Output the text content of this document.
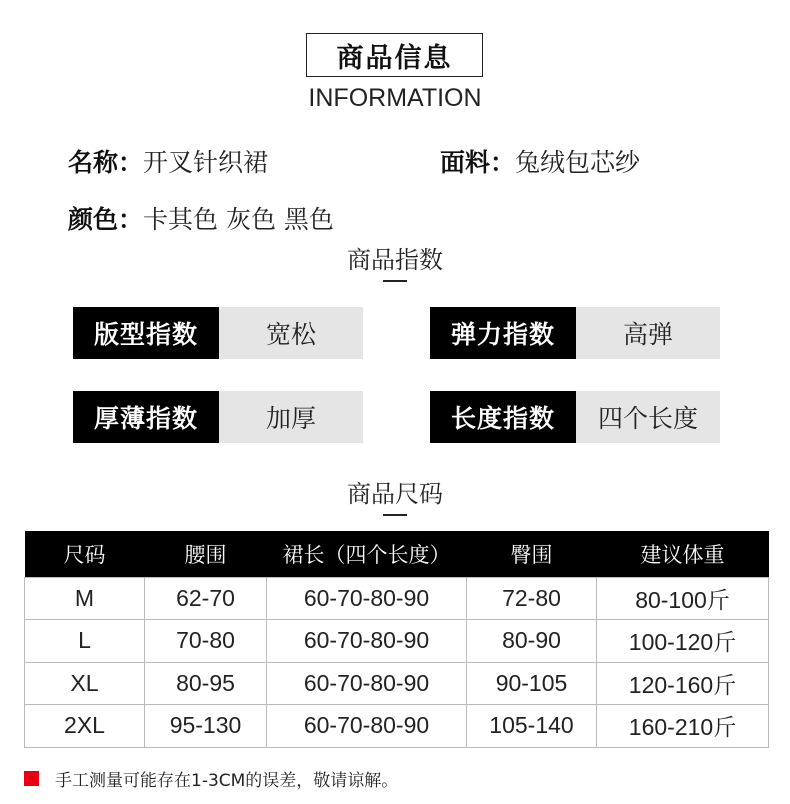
商品信息
INFORMATION
名称：开叉针织裙	面料：兔绒包芯纱
颜色：卡其色 灰色 黑色
商品指数
版型指数	宽松	弹力指数	高弹
厚薄指数	加厚	长度指数	四个长度
商品尺码
尺码	腰围	裙长（四个长度）	臀围	建议体重
M	62-70	60-70-80-90	72-80	80-100斤
L	70-80	60-70-80-90	80-90	100-120斤
XL	80-95	60-70-80-90	90-105	120-160斤
2XL	95-130	60-70-80-90	105-140	160-210斤
手工测量可能存在1-3CM的误差，敬请谅解。
